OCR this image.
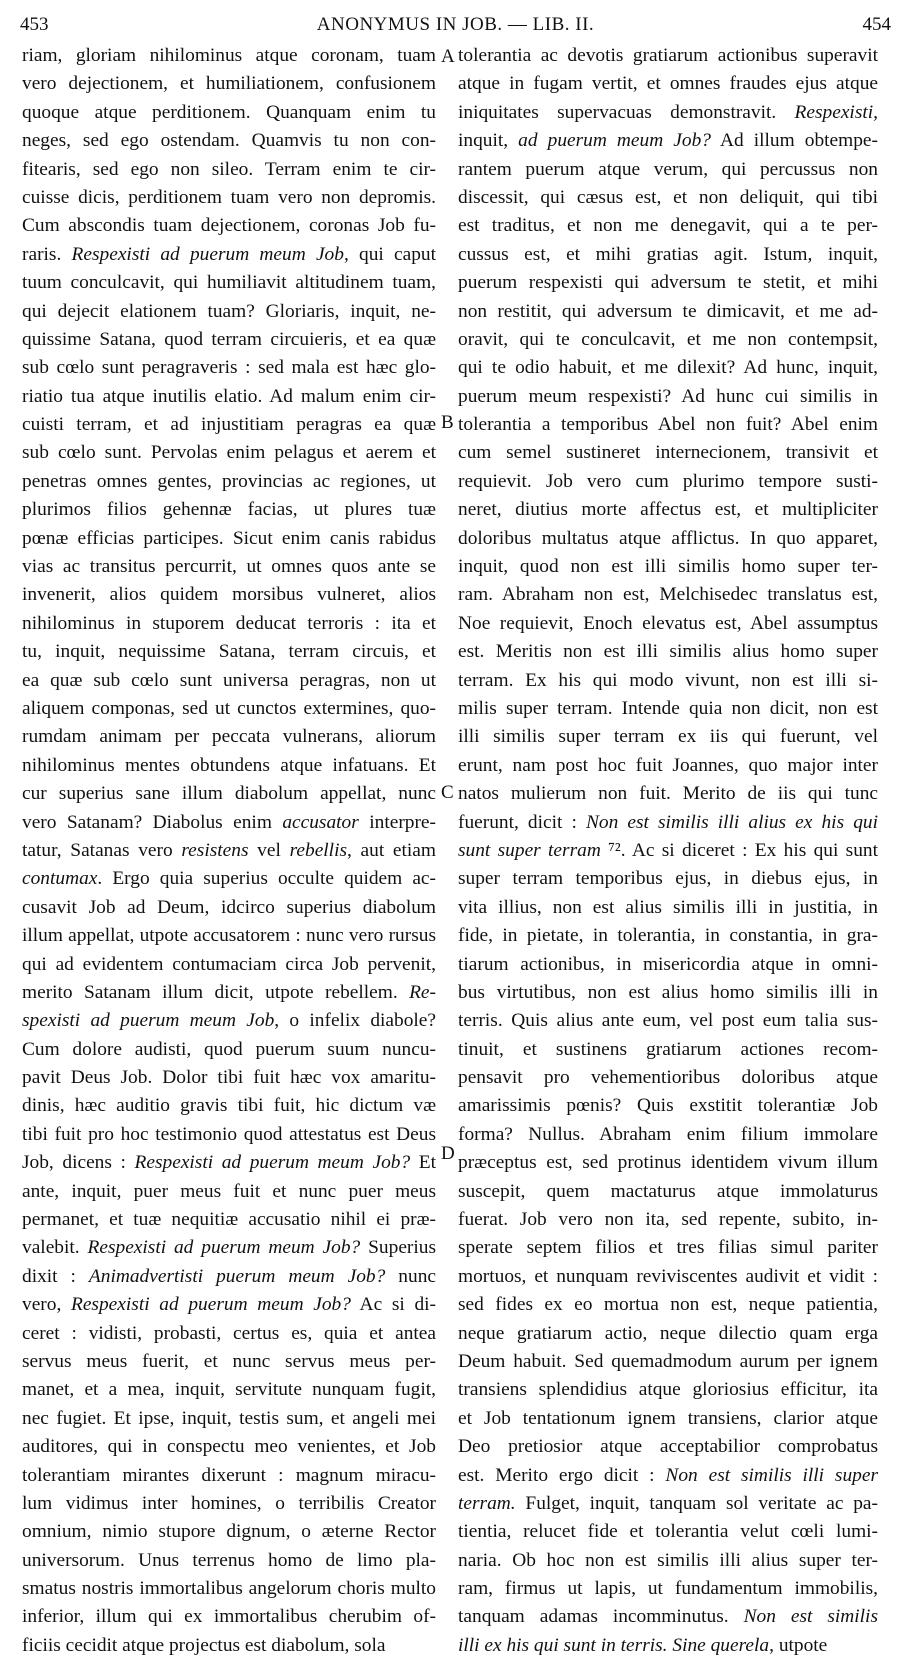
453	ANONYMUS IN JOB. — LIB. II.	454
riam, gloriam nihilominus atque coronam, tuam
vero dejectionem, et humiliationem, confusionem
quoque atque perditionem. Quanquam enim tu
neges, sed ego ostendam. Quamvis tu non con-
fitearis, sed ego non sileo. Terram enim te cir-
cuisse dicis, perditionem tuam vero non depromis.
Cum abscondis tuam dejectionem, coronas Job fu-
raris. Respexisti ad puerum meum Job, qui caput
tuum conculcavit, qui humiliavit altitudinem tuam,
qui dejecit elationem tuam? Gloriaris, inquit, ne-
quissime Satana, quod terram circuieris, et ea quæ
sub cœlo sunt peragraveris : sed mala est hæc glo-
riatio tua atque inutilis elatio. Ad malum enim cir-
cuisti terram, et ad injustitiam peragras ea quæ
sub cœlo sunt. Pervolas enim pelagus et aerem et
penetras omnes gentes, provincias ac regiones, ut
plurimos filios gehennæ facias, ut plures tuæ
pœnæ efficias participes. Sicut enim canis rabidus
vias ac transitus percurrit, ut omnes quos ante se
invenerit, alios quidem morsibus vulneret, alios
nihilominus in stuporem deducat terroris : ita et
tu, inquit, nequissime Satana, terram circuis, et
ea quæ sub cœlo sunt universa peragras, non ut
aliquem componas, sed ut cunctos extermines, quo-
rumdam animam per peccata vulnerans, aliorum
nihilominus mentes obtundens atque infatuans. Et
cur superius sane illum diabolum appellat, nunc
vero Satanam? Diabolus enim accusator interpre-
tatur, Satanas vero resistens vel rebellis, aut etiam
contumax. Ergo quia superius occulte quidem ac-
cusavit Job ad Deum, idcirco superius diabolum
illum appellat, utpote accusatorem : nunc vero rursus
qui ad evidentem contumaciam circa Job pervenit,
merito Satanam illum dicit, utpote rebellem. Re-
spexisti ad puerum meum Job, o infelix diabole?
Cum dolore audisti, quod puerum suum nuncu-
pavit Deus Job. Dolor tibi fuit hæc vox amaritu-
dinis, hæc auditio gravis tibi fuit, hic dictum væ
tibi fuit pro hoc testimonio quod attestatus est Deus
Job, dicens : Respexisti ad puerum meum Job? Et
ante, inquit, puer meus fuit et nunc puer meus
permanet, et tuæ nequitiæ accusatio nihil ei præ-
valebit. Respexisti ad puerum meum Job? Superius
dixit : Animadvertisti puerum meum Job? nunc
vero, Respexisti ad puerum meum Job? Ac si di-
ceret : vidisti, probasti, certus es, quia et antea
servus meus fuerit, et nunc servus meus per-
manet, et a mea, inquit, servitute nunquam fugit,
nec fugiet. Et ipse, inquit, testis sum, et angeli mei
auditores, qui in conspectu meo venientes, et Job
tolerantiam mirantes dixerunt : magnum miracu-
lum vidimus inter homines, o terribilis Creator
omnium, nimio stupore dignum, o æterne Rector
universorum. Unus terrenus homo de limo pla-
smatus nostris immortalibus angelorum choris multo
inferior, illum qui ex immortalibus cherubim of-
ficiis cecidit atque projectus est diabolum, sola
tolerantia ac devotis gratiarum actionibus superavit
atque in fugam vertit, et omnes fraudes ejus atque
iniquitates supervacuas demonstravit. Respexisti,
inquit, ad puerum meum Job? Ad illum obtempe-
rantem puerum atque verum, qui percussus non
discessit, qui cæsus est, et non deliquit, qui tibi
est traditus, et non me denegavit, qui a te per-
cussus est, et mihi gratias agit. Istum, inquit,
puerum respexisti qui adversum te stetit, et mihi
non restitit, qui adversum te dimicavit, et me ad-
oravit, qui te conculcavit, et me non contempsit,
qui te odio habuit, et me dilexit? Ad hunc, inquit,
puerum meum respexisti? Ad hunc cui similis in
tolerantia a temporibus Abel non fuit? Abel enim
cum semel sustineret internecionem, transivit et
requievit. Job vero cum plurimo tempore susti-
neret, diutius morte affectus est, et multipliciter
doloribus multatus atque afflictus. In quo apparet,
inquit, quod non est illi similis homo super ter-
ram. Abraham non est, Melchisedec translatus est,
Noe requievit, Enoch elevatus est, Abel assumptus
est. Meritis non est illi similis alius homo super
terram. Ex his qui modo vivunt, non est illi si-
milis super terram. Intende quia non dicit, non est
illi similis super terram ex iis qui fuerunt, vel
erunt, nam post hoc fuit Joannes, quo major inter
natos mulierum non fuit. Merito de iis qui tunc
fuerunt, dicit : Non est similis illi alius ex his qui
sunt super terram ⁷². Ac si diceret : Ex his qui sunt
super terram temporibus ejus, in diebus ejus, in
vita illius, non est alius similis illi in justitia, in
fide, in pietate, in tolerantia, in constantia, in gra-
tiarum actionibus, in misericordia atque in omni-
bus virtutibus, non est alius homo similis illi in
terris. Quis alius ante eum, vel post eum talia sus-
tinuit, et sustinens gratiarum actiones recom-
pensavit pro vehementioribus doloribus atque
amarissimis pœnis? Quis exstitit tolerantiæ Job
forma? Nullus. Abraham enim filium immolare
præceptus est, sed protinus identidem vivum illum
suscepit, quem mactaturus atque immolaturus
fuerat. Job vero non ita, sed repente, subito, in-
sperate septem filios et tres filias simul pariter
mortuos, et nunquam reviviscentes audivit et vidit :
sed fides ex eo mortua non est, neque patientia,
neque gratiarum actio, neque dilectio quam erga
Deum habuit. Sed quemadmodum aurum per ignem
transiens splendidius atque gloriosius efficitur, ita
et Job tentationum ignem transiens, clarior atque
Deo pretiosior atque acceptabilior comprobatus
est. Merito ergo dicit : Non est similis illi super
terram. Fulget, inquit, tanquam sol veritate ac pa-
tientia, relucet fide et tolerantia velut cœli lumi-
naria. Ob hoc non est similis illi alius super ter-
ram, firmus ut lapis, ut fundamentum immobilis,
tanquam adamas incomminutus. Non est similis
illi ex his qui sunt in terris. Sine querela, utpote
A
B
C
D
